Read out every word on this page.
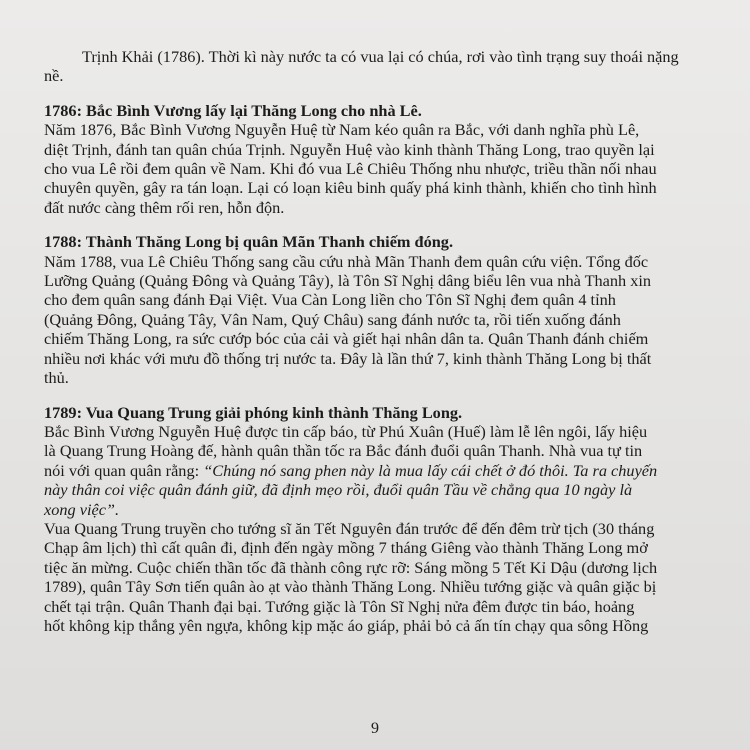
Trịnh Khải (1786). Thời kì này nước ta có vua lại có chúa, rơi vào tình trạng suy thoái nặng
nề.
1786: Bắc Bình Vương lấy lại Thăng Long cho nhà Lê.
Năm 1876, Bắc Bình Vương Nguyễn Huệ từ Nam kéo quân ra Bắc, với danh nghĩa phù Lê,
diệt Trịnh, đánh tan quân chúa Trịnh. Nguyễn Huệ vào kinh thành Thăng Long, trao quyền lại
cho vua Lê rồi đem quân về Nam. Khi đó vua Lê Chiêu Thống nhu nhược, triều thần nối nhau
chuyên quyền, gây ra tán loạn. Lại có loạn kiêu binh quấy phá kinh thành, khiến cho tình hình
đất nước càng thêm rối ren, hỗn độn.
1788: Thành Thăng Long bị quân Mãn Thanh chiếm đóng.
Năm 1788, vua Lê Chiêu Thống sang cầu cứu nhà Mãn Thanh đem quân cứu viện. Tổng đốc
Lưỡng Quảng (Quảng Đông và Quảng Tây), là Tôn Sĩ Nghị dâng biểu lên vua nhà Thanh xin
cho đem quân sang đánh Đại Việt. Vua Càn Long liền cho Tôn Sĩ Nghị đem quân 4 tỉnh
(Quảng Đông, Quảng Tây, Vân Nam, Quý Châu) sang đánh nước ta, rồi tiến xuống đánh
chiếm Thăng Long, ra sức cướp bóc của cải và giết hại nhân dân ta. Quân Thanh đánh chiếm
nhiều nơi khác với mưu đồ thống trị nước ta. Đây là lần thứ 7, kinh thành Thăng Long bị thất
thủ.
1789: Vua Quang Trung giải phóng kinh thành Thăng Long.
Bắc Bình Vương Nguyễn Huệ được tin cấp báo, từ Phú Xuân (Huế) làm lễ lên ngôi, lấy hiệu
là Quang Trung Hoàng đế, hành quân thần tốc ra Bắc đánh đuổi quân Thanh. Nhà vua tự tin
nói với quan quân rằng: “Chúng nó sang phen này là mua lấy cái chết ở đó thôi. Ta ra chuyến
này thân coi việc quân đánh giữ, đã định mẹo rồi, đuổi quân Tầu về chẳng qua 10 ngày là
xong việc”.
Vua Quang Trung truyền cho tướng sĩ ăn Tết Nguyên đán trước để đến đêm trừ tịch (30 tháng
Chạp âm lịch) thì cất quân đi, định đến ngày mồng 7 tháng Giêng vào thành Thăng Long mở
tiệc ăn mừng. Cuộc chiến thần tốc đã thành công rực rỡ: Sáng mồng 5 Tết Kỉ Dậu (dương lịch
1789), quân Tây Sơn tiến quân ào ạt vào thành Thăng Long. Nhiều tướng giặc và quân giặc bị
chết tại trận. Quân Thanh đại bại. Tướng giặc là Tôn Sĩ Nghị nửa đêm được tin báo, hoảng
hốt không kịp thắng yên ngựa, không kịp mặc áo giáp, phải bỏ cả ấn tín chạy qua sông Hồng
9
